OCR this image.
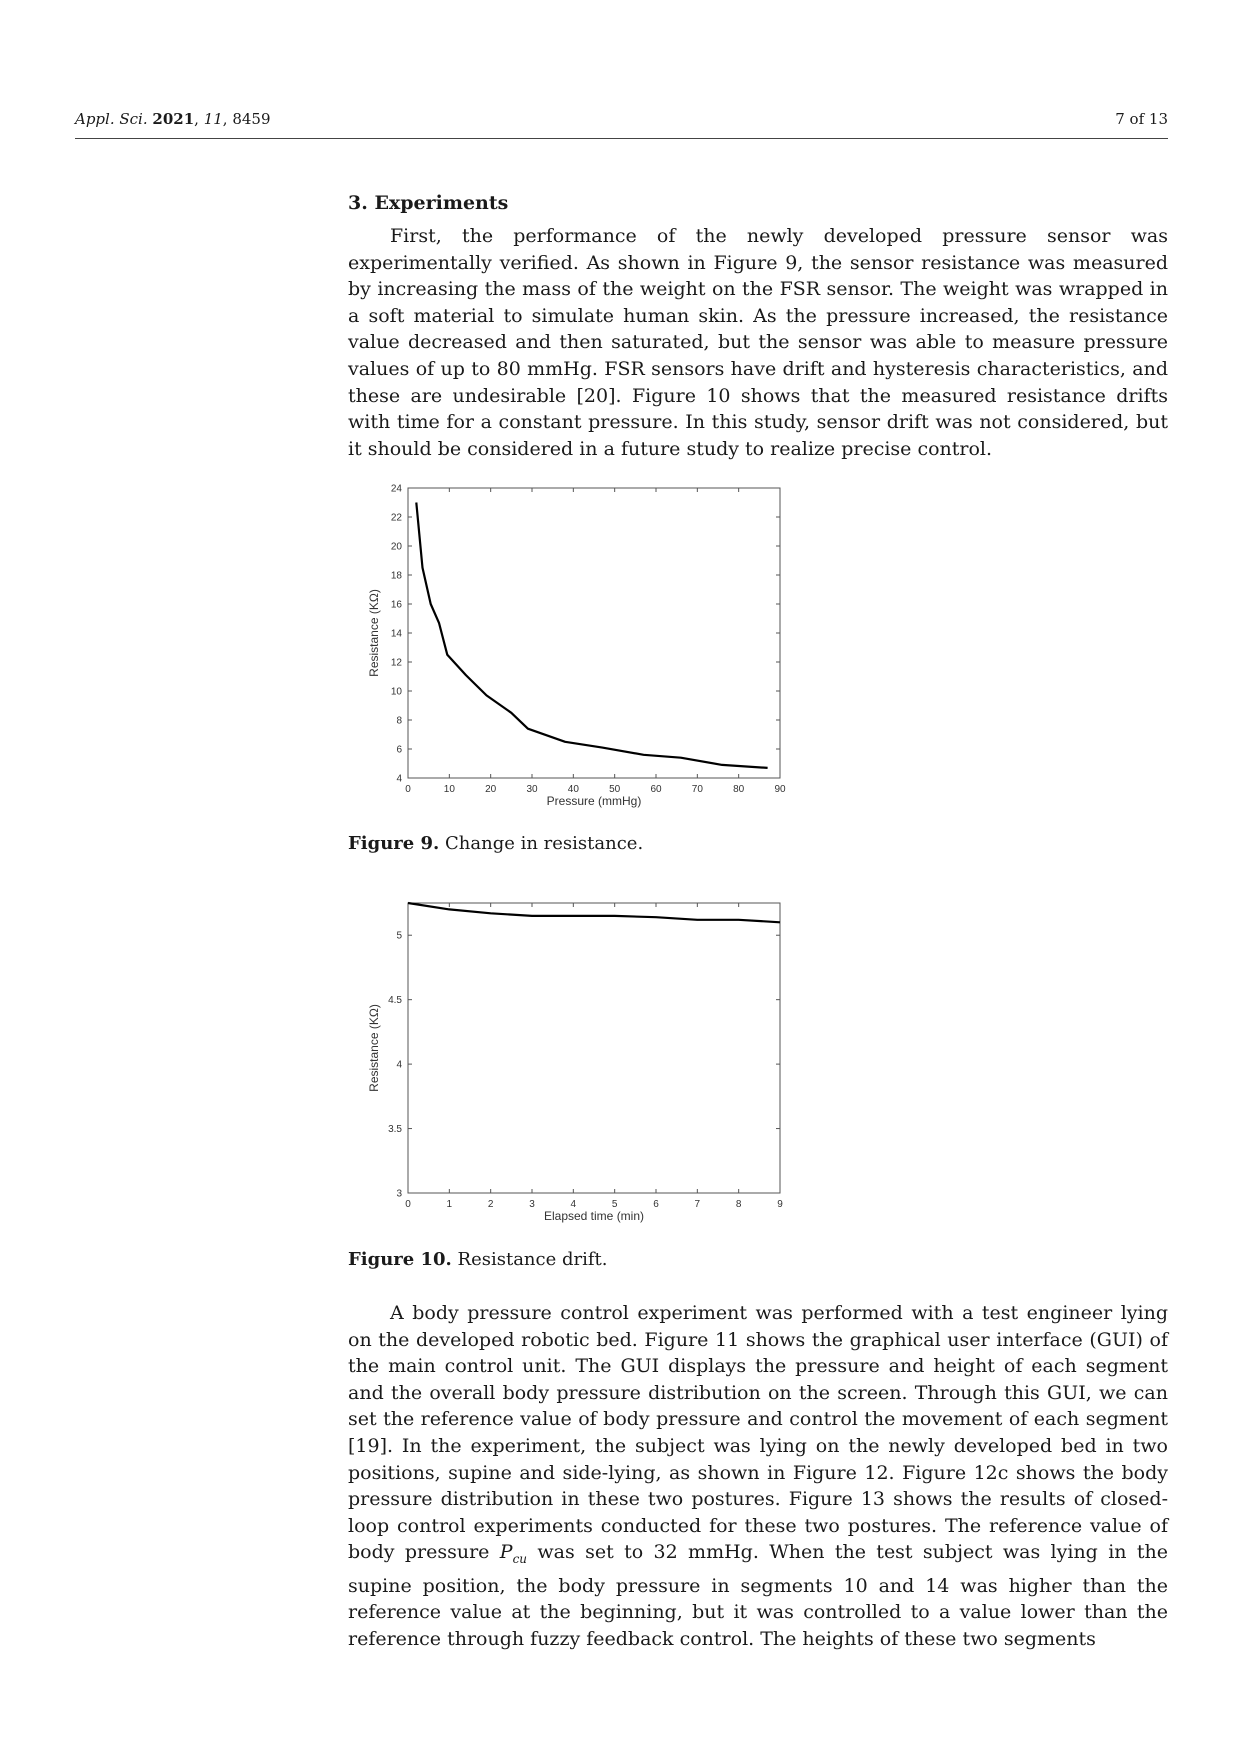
Appl. Sci. 2021, 11, 8459	7 of 13
3. Experiments

First, the performance of the newly developed pressure sensor was experimentally verified. As shown in Figure 9, the sensor resistance was measured by increasing the mass of the weight on the FSR sensor. The weight was wrapped in a soft material to simulate human skin. As the pressure increased, the resistance value decreased and then saturated, but the sensor was able to measure pressure values of up to 80 mmHg. FSR sensors have drift and hysteresis characteristics, and these are undesirable [20]. Figure 10 shows that the measured resistance drifts with time for a constant pressure. In this study, sensor drift was not considered, but it should be considered in a future study to realize precise control.

0	10	20	30	40	50	60	70	80	90
4
6
8
10
12
14
16
18
20
22
24
Pressure (mmHg)
Resistance (KΩ)
Figure 9. Change in resistance.
0	1	2	3	4	5	6	7	8	9
3
3.5
4
4.5
5
Elapsed time (min)
Resistance (KΩ)
Figure 10. Resistance drift.

A body pressure control experiment was performed with a test engineer lying on the developed robotic bed. Figure 11 shows the graphical user interface (GUI) of the main control unit. The GUI displays the pressure and height of each segment and the overall body pressure distribution on the screen. Through this GUI, we can set the reference value of body pressure and control the movement of each segment [19]. In the experiment, the subject was lying on the newly developed bed in two positions, supine and side-lying, as shown in Figure 12. Figure 12c shows the body pressure distribution in these two postures. Figure 13 shows the results of closed-loop control experiments conducted for these two postures. The reference value of body pressure $P_{cu}$ was set to 32 mmHg. When the test subject was lying in the supine position, the body pressure in segments 10 and 14 was higher than the reference value at the beginning, but it was controlled to a value lower than the reference through fuzzy feedback control. The heights of these two segments
